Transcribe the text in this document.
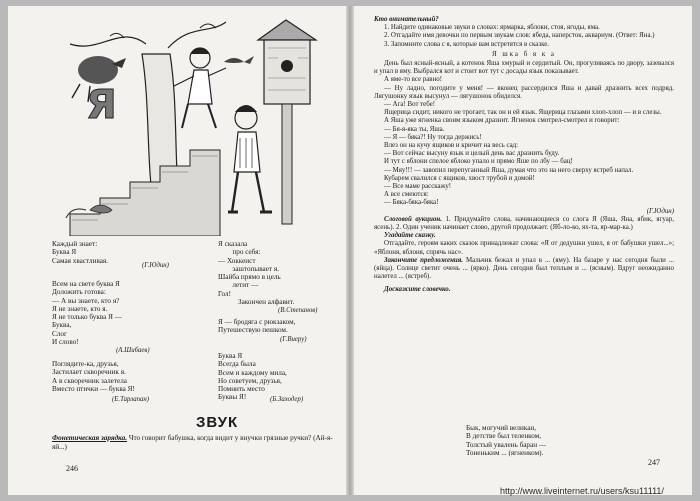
Я
Каждый знает:
Буква Я
Самая хвастливая.
(Г.Юдин)
Всем на свете буква Я
Доложить готова:
— А вы знаете, кто я?
Я не знаете, кто я.
Я не только буква Я —
Буква,
Слог
И слово!
(А.Шибаев)
Поглядите-ка, друзья,
Застилает скворечник я.
А в скворечник залетела
Вместо птички — буква Я!
(Е.Тарлапан)
Я сказала
про себя:
— Хоккеист
заштопывает я.
Шайба прямо в цель
летит —
Гол!
Закончен алфавит.
(В.Степанов)
Я — бродяга с рюкзаком,
Путешествую пешком.
(Г.Виеру)
Буква Я
Всегда была
Всем и каждому мила,
Но советуем, друзья,
Помнить место
Буквы Я!	(Б.Заходер)
ЗВУК
Фонетическая зарядка. Что говорит бабушка, когда видит у внучки грязные ручки? (Ай-я-яй...)
246

Кто внимательный?

1. Найдите одинаковые звуки в словах: ярмарка, яблоки, стоя, ягоды, яма.

2. Отгадайте имя девочки по первым звукам слов: ябеда, наперсток, аквариум. (Ответ: Яна.)

3. Запомните слова с я, которые вам встретятся в сказке.

Я шка б я к а

День был ясный-ясный, а котенок Яша хмурый и сердитый. Он, прогуливаясь по двору, зазевался и упал в яму. Выбрался кот и стоит вот тут с досады язык показывает.

А яме-то все равно!

— Ну ладно, погодите у меня! — вконец рассердился Яша и давай дразнить всех подряд. Лягушонку язык высунул — лягушонок обиделся.

— Ага! Вот тебе!

Ящерица сидит, никого не трогает, так он и ей язык. Ящерица глазами хлоп-хлоп — и в слезы.

А Яша уже ягненка своим языком дразнит. Ягненок смотрел-смотрел и говорит:

— Бя-я-яка ты, Яша.

— Я — бяка?! Ну тогда держись!

Влез он на кучу ящиков и кричит на весь сад:

— Вот сейчас высуну язык и целый день вас дразнить буду.

И тут с яблони спелое яблоко упало и прямо Яше по лбу — бац!

— Мяу!!! — завопил перепуганный Яша, думая что это на него сверху ястреб напал.

Кубарем свалился с ящиков, хвост трубой и домой!

— Все маме расскажу!

А все смеются:

— Бяка-бяка-бяка!

(Г.Юдин)

Слоговой аукцион. 1. Придумайте слова, начинающиеся со слога Я (Яша, Яна, ябик, ягуар, ясень). 2. Один ученик начинает слово, другой продолжает. (Яб-ло-ко, ях-та, яр-мар-ка.)

Угадайте сказку.

Отгадайте, героям каких сказок принадлежат слова: «Я от дедушки ушел, я от бабушки ушел...»; «Яблоня, яблоня, спрячь нас».

Закончите предложения. Мальчик бежал и упал в ... (яму). На базаре у нас сегодня были ... (яйца). Солнце светит очень ... (ярко). День сегодня был теплым и ... (ясным). Вдруг неожиданно налетел ... (ястреб).

Доскажите словечко.

Бык, могучий великан,
В детстве был теленком,
Толстый увалень баран —
Тоненьким ... (ягненком).
247
http://www.liveinternet.ru/users/ksu11111/
